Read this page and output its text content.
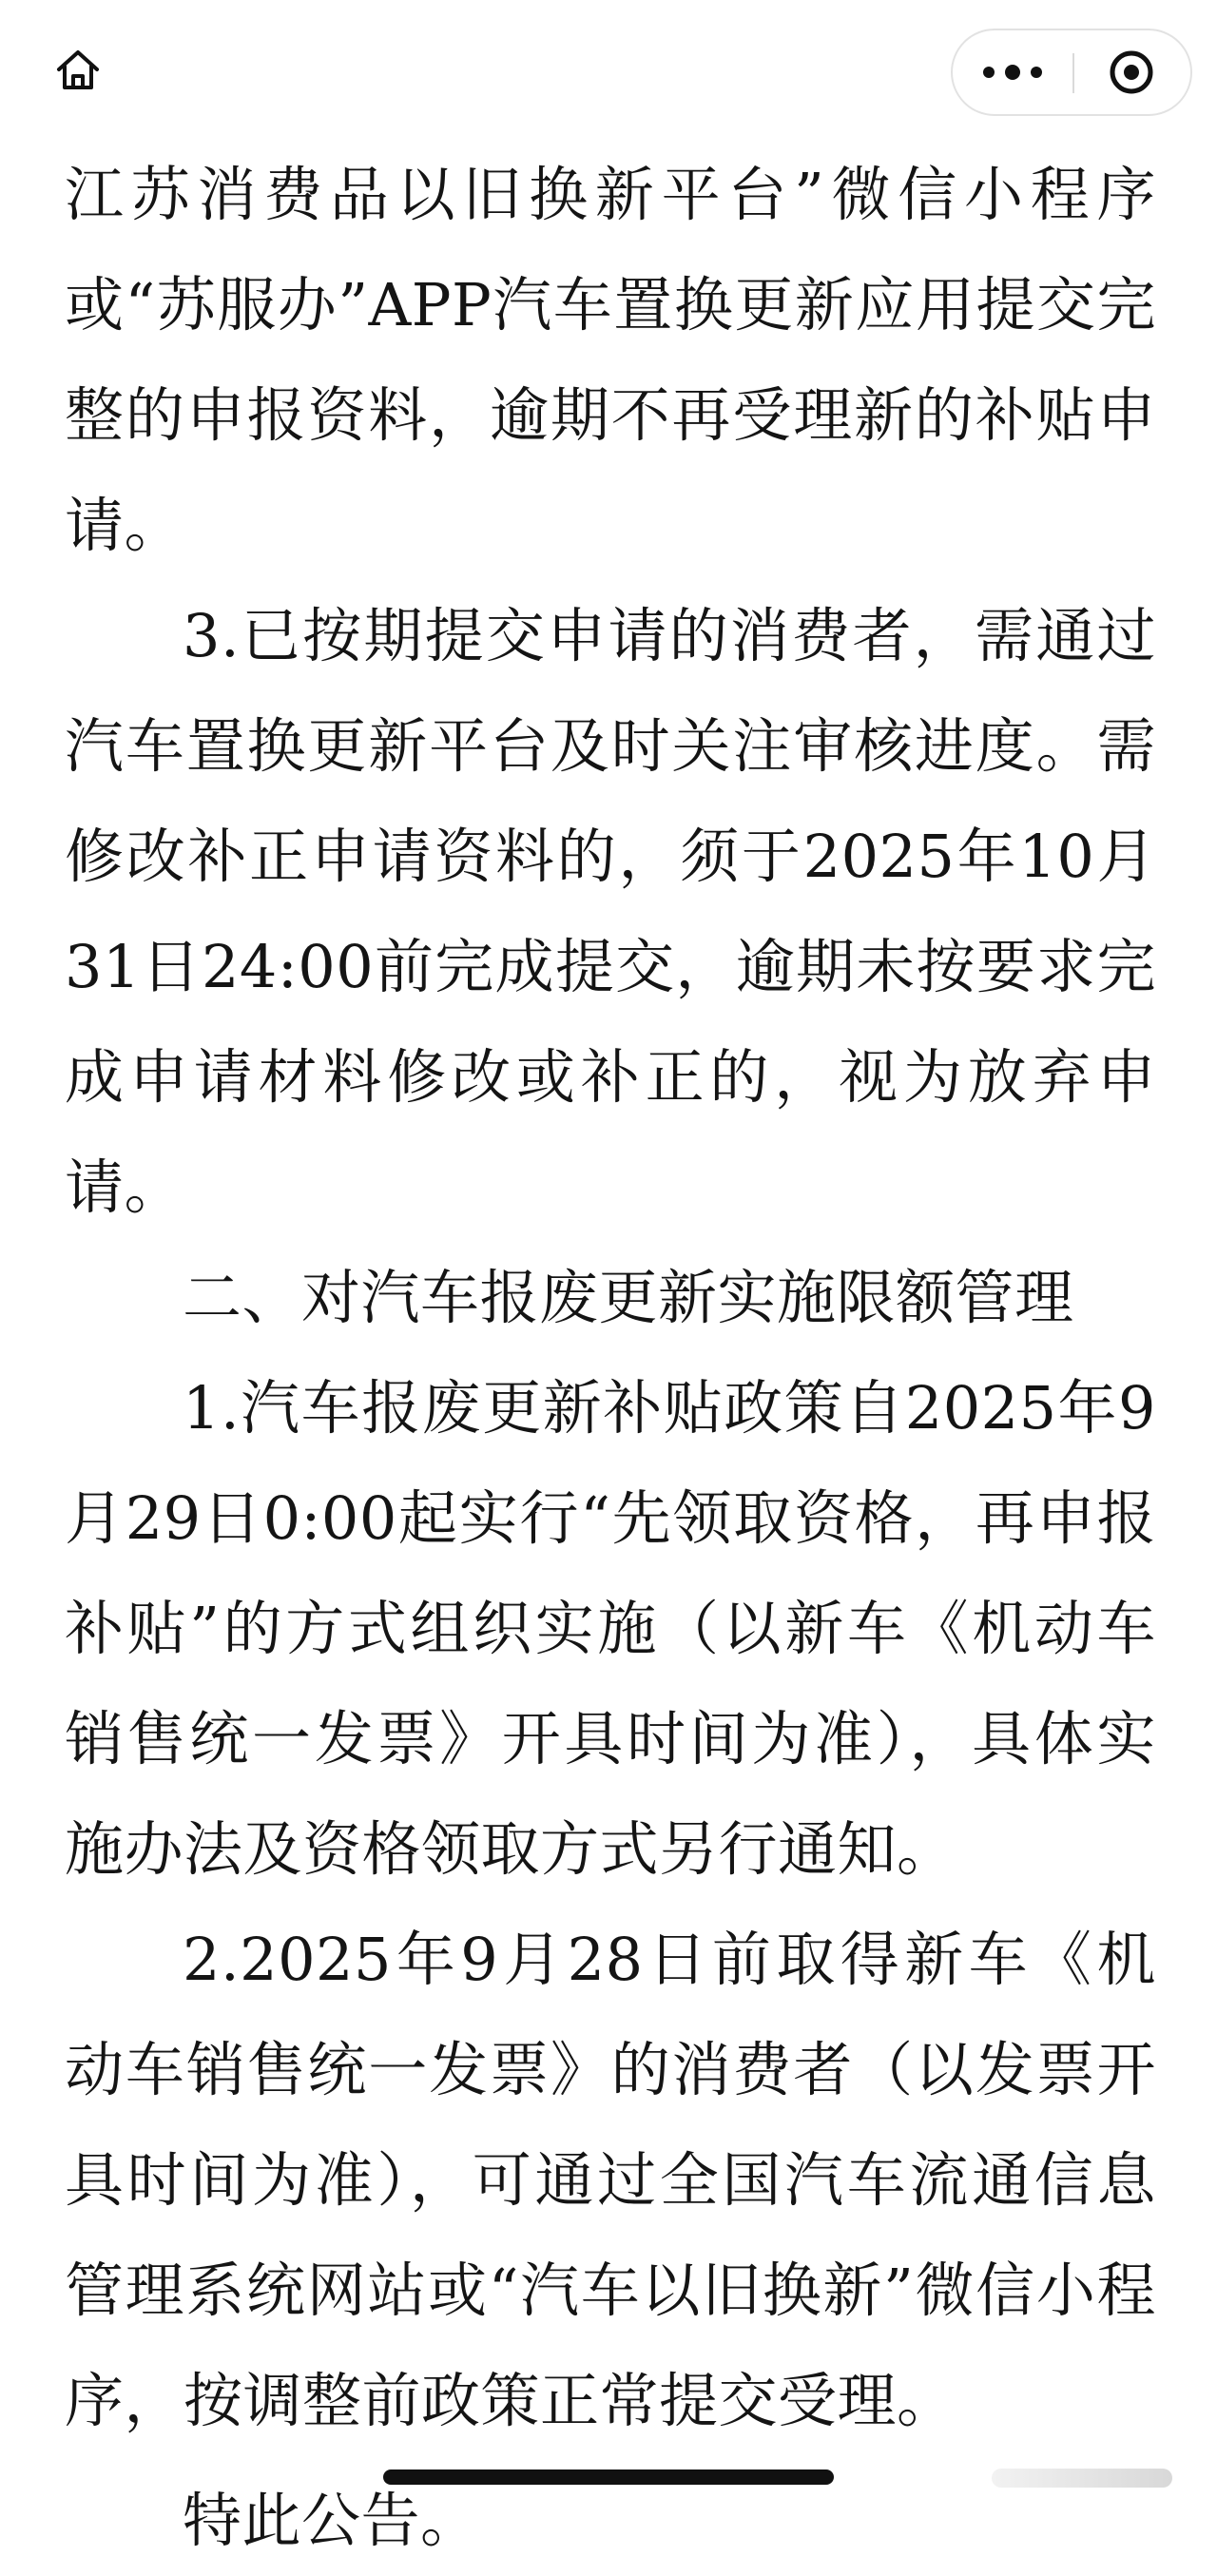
江苏消费品以旧换新平台”微信小程序或“苏服办”APP汽车置换更新应用提交完整的申报资料，逾期不再受理新的补贴申请。

3.已按期提交申请的消费者，需通过汽车置换更新平台及时关注审核进度。需修改补正申请资料的，须于2025年10月31日24:00前完成提交，逾期未按要求完成申请材料修改或补正的，视为放弃申请。

二、对汽车报废更新实施限额管理

1.汽车报废更新补贴政策自2025年9月29日0:00起实行“先领取资格，再申报补贴”的方式组织实施（以新车《机动车销售统一发票》开具时间为准），具体实施办法及资格领取方式另行通知。

2.2025年9月28日前取得新车《机动车销售统一发票》的消费者（以发票开具时间为准），可通过全国汽车流通信息管理系统网站或“汽车以旧换新”微信小程序，按调整前政策正常提交受理。

特此公告。
